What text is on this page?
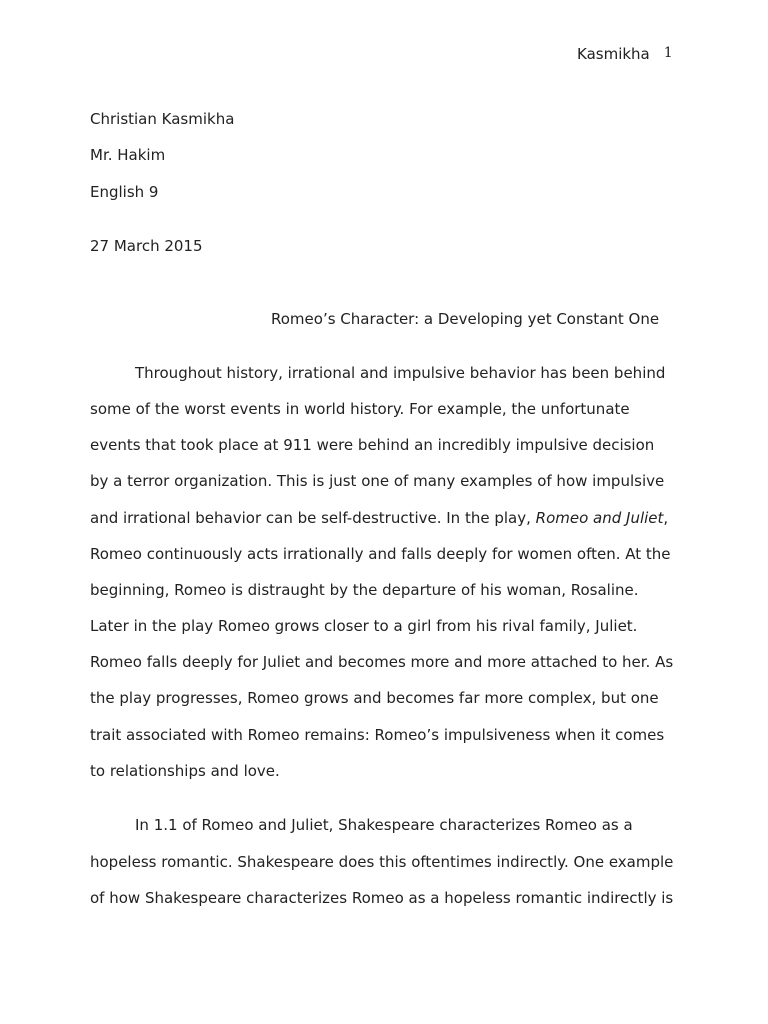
Kasmikha 1
Christian Kasmikha
Mr. Hakim
English 9
27 March 2015
Romeo’s Character: a Developing yet Constant One
Throughout history, irrational and impulsive behavior has been behind
some of the worst events in world history. For example, the unfortunate
events that took place at 911 were behind an incredibly impulsive decision
by a terror organization. This is just one of many examples of how impulsive
and irrational behavior can be self-destructive. In the play, Romeo and Juliet,
Romeo continuously acts irrationally and falls deeply for women often. At the
beginning, Romeo is distraught by the departure of his woman, Rosaline.
Later in the play Romeo grows closer to a girl from his rival family, Juliet.
Romeo falls deeply for Juliet and becomes more and more attached to her. As
the play progresses, Romeo grows and becomes far more complex, but one
trait associated with Romeo remains: Romeo’s impulsiveness when it comes
to relationships and love.
In 1.1 of Romeo and Juliet, Shakespeare characterizes Romeo as a
hopeless romantic. Shakespeare does this oftentimes indirectly. One example
of how Shakespeare characterizes Romeo as a hopeless romantic indirectly is
